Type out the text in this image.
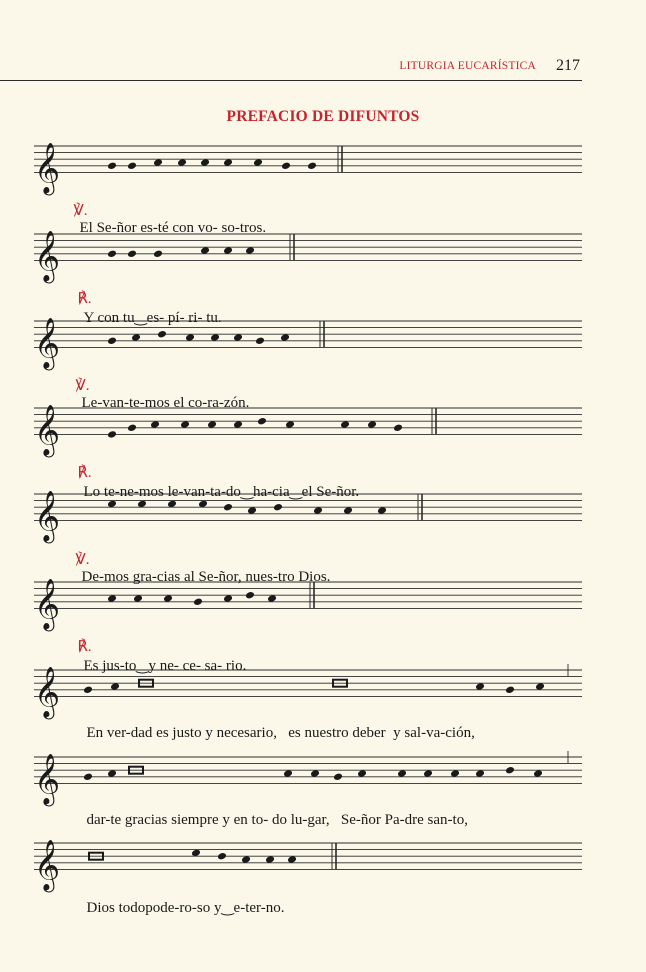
LITURGIA EUCARÍSTICA 217
PREFACIO DE DIFUNTOS
𝄞
𝄞
𝄞
𝄞
𝄞
𝄞
𝄞
𝄞
𝄞

℣.
El Se-ñor es-té con vo- so-tros.

℟.
Y con tu‿es- pí- ri- tu.

℣.
Le-van-te-mos el co-ra-zón.

℟.
Lo te-ne-mos le-van-ta-do‿ha-cia‿el Se-ñor.

℣.
De-mos gra-cias al Se-ñor, nues-tro Dios.

℟.
Es jus-to‿y ne- ce- sa- rio.

En ver-dad es justo y necesario,   es nuestro deber  y sal-va-ción,

dar-te gracias siempre y en to- do lu-gar,   Se-ñor Pa-dre san-to,

Dios todopode-ro-so y‿e-ter-no.
